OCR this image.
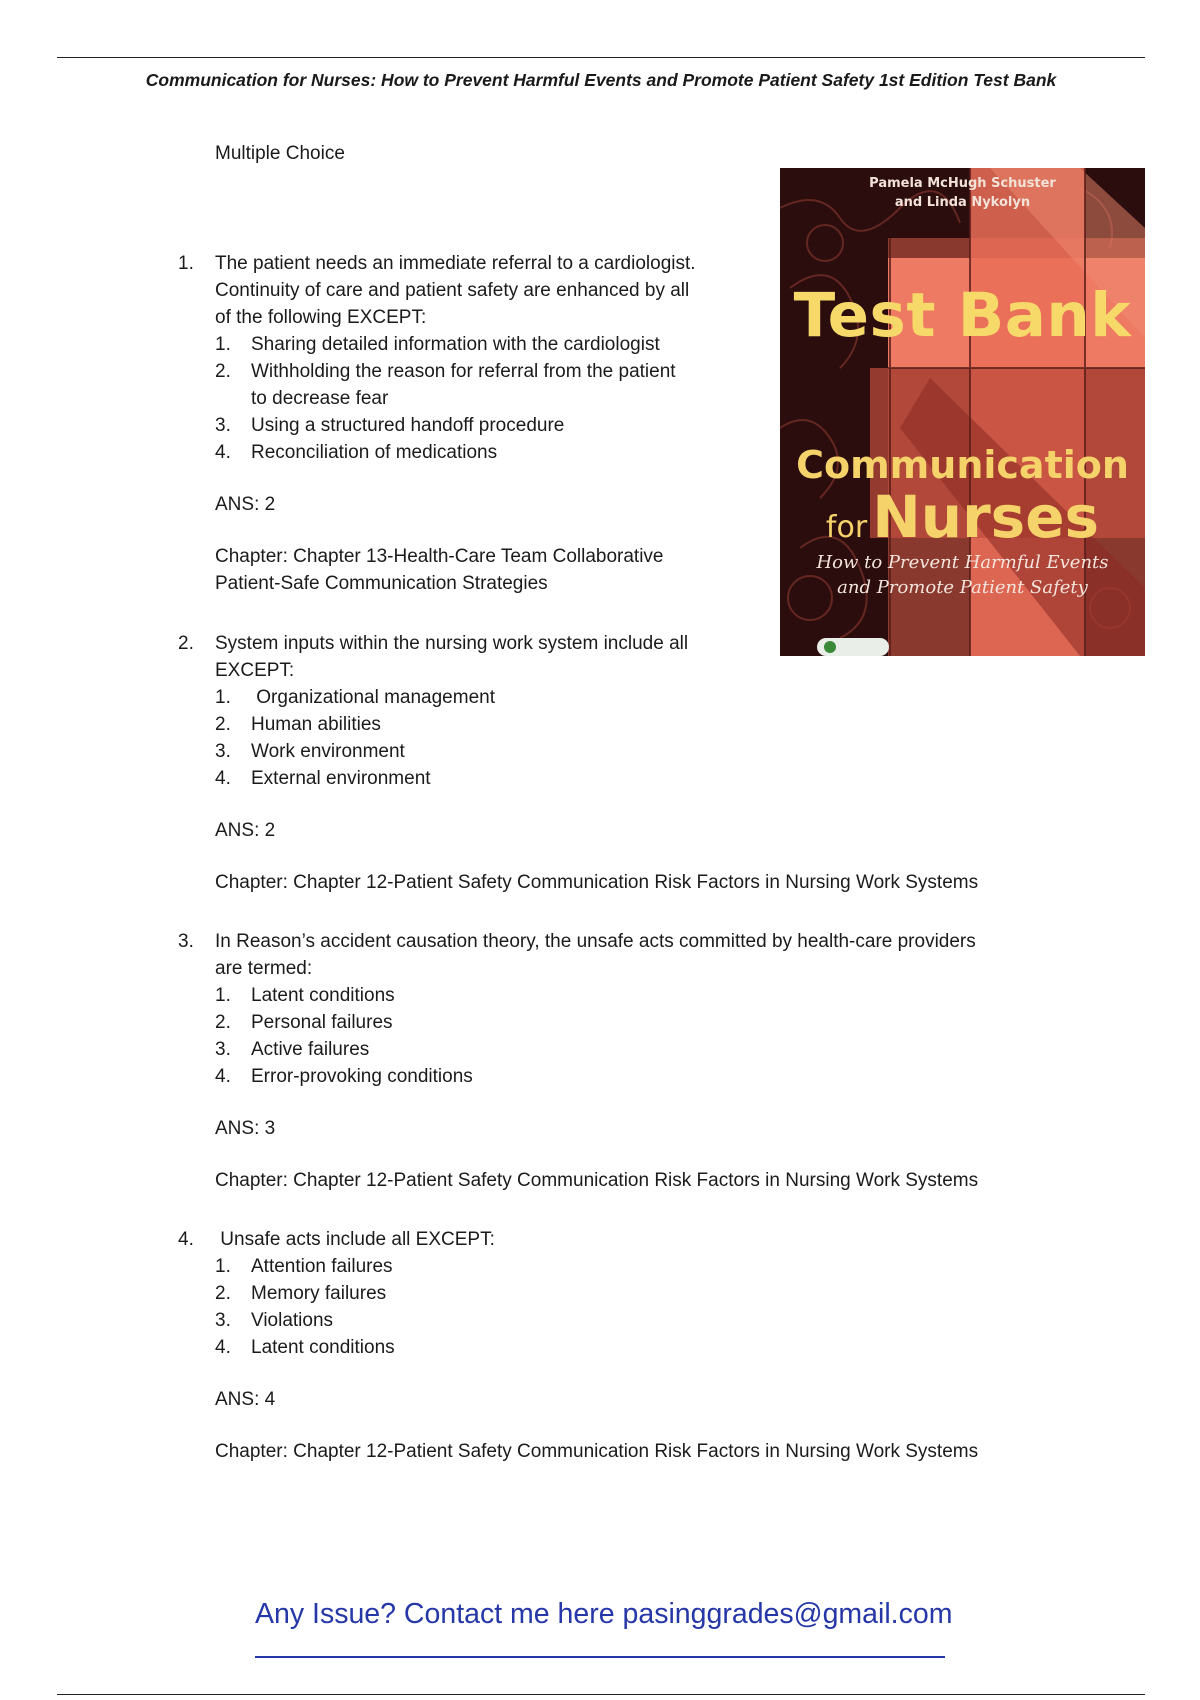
Communication for Nurses: How to Prevent Harmful Events and Promote Patient Safety 1st Edition Test Bank
Multiple Choice
Pamela McHugh Schuster
and Linda Nykolyn
Test Bank
Communication
for Nurses
How to Prevent Harmful Events
and Promote Patient Safety
1. The patient needs an immediate referral to a cardiologist.
Continuity of care and patient safety are enhanced by all
of the following EXCEPT:
1. Sharing detailed information with the cardiologist
2. Withholding the reason for referral from the patient
to decrease fear
3. Using a structured handoff procedure
4. Reconciliation of medications
ANS: 2
Chapter: Chapter 13-Health-Care Team Collaborative
Patient-Safe Communication Strategies
2. System inputs within the nursing work system include all
EXCEPT:
1. Organizational management
2. Human abilities
3. Work environment
4. External environment
ANS: 2
Chapter: Chapter 12-Patient Safety Communication Risk Factors in Nursing Work Systems
3. In Reason’s accident causation theory, the unsafe acts committed by health-care providers
are termed:
1. Latent conditions
2. Personal failures
3. Active failures
4. Error-provoking conditions
ANS: 3
Chapter: Chapter 12-Patient Safety Communication Risk Factors in Nursing Work Systems
4. Unsafe acts include all EXCEPT:
1. Attention failures
2. Memory failures
3. Violations
4. Latent conditions
ANS: 4
Chapter: Chapter 12-Patient Safety Communication Risk Factors in Nursing Work Systems
Any Issue? Contact me here pasinggrades@gmail.com
